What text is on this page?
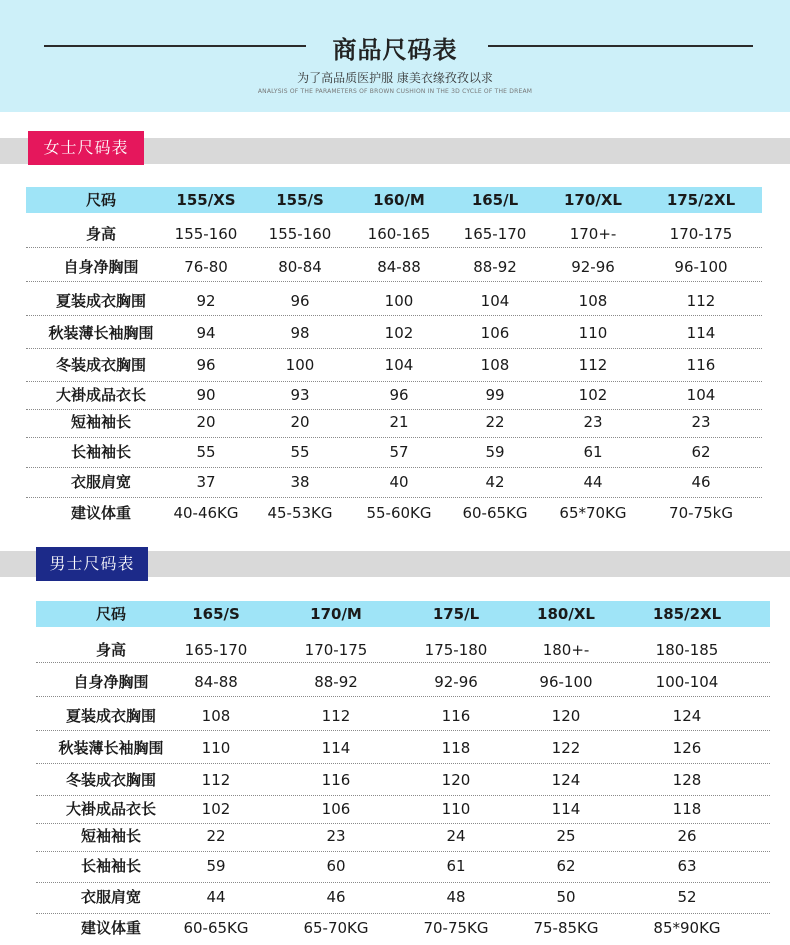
商品尺码表
为了高品质医护服 康美衣缘孜孜以求
ANALYSIS OF THE PARAMETERS OF BROWN CUSHION IN THE 3D CYCLE OF THE DREAM
女士尺码表
尺码	155/XS	155/S	160/M	165/L	170/XL	175/2XL
身高	155-160	155-160	160-165	165-170	170+-	170-175
自身净胸围	76-80	80-84	84-88	88-92	92-96	96-100
夏装成衣胸围	92	96	100	104	108	112
秋装薄长袖胸围	94	98	102	106	110	114
冬装成衣胸围	96	100	104	108	112	116
大褂成品衣长	90	93	96	99	102	104
短袖袖长	20	20	21	22	23	23
长袖袖长	55	55	57	59	61	62
衣服肩宽	37	38	40	42	44	46
建议体重	40-46KG	45-53KG	55-60KG	60-65KG	65*70KG	70-75kG
男士尺码表
尺码	165/S	170/M	175/L	180/XL	185/2XL
身高	165-170	170-175	175-180	180+-	180-185
自身净胸围	84-88	88-92	92-96	96-100	100-104
夏装成衣胸围	108	112	116	120	124
秋装薄长袖胸围	110	114	118	122	126
冬装成衣胸围	112	116	120	124	128
大褂成品衣长	102	106	110	114	118
短袖袖长	22	23	24	25	26
长袖袖长	59	60	61	62	63
衣服肩宽	44	46	48	50	52
建议体重	60-65KG	65-70KG	70-75KG	75-85KG	85*90KG
